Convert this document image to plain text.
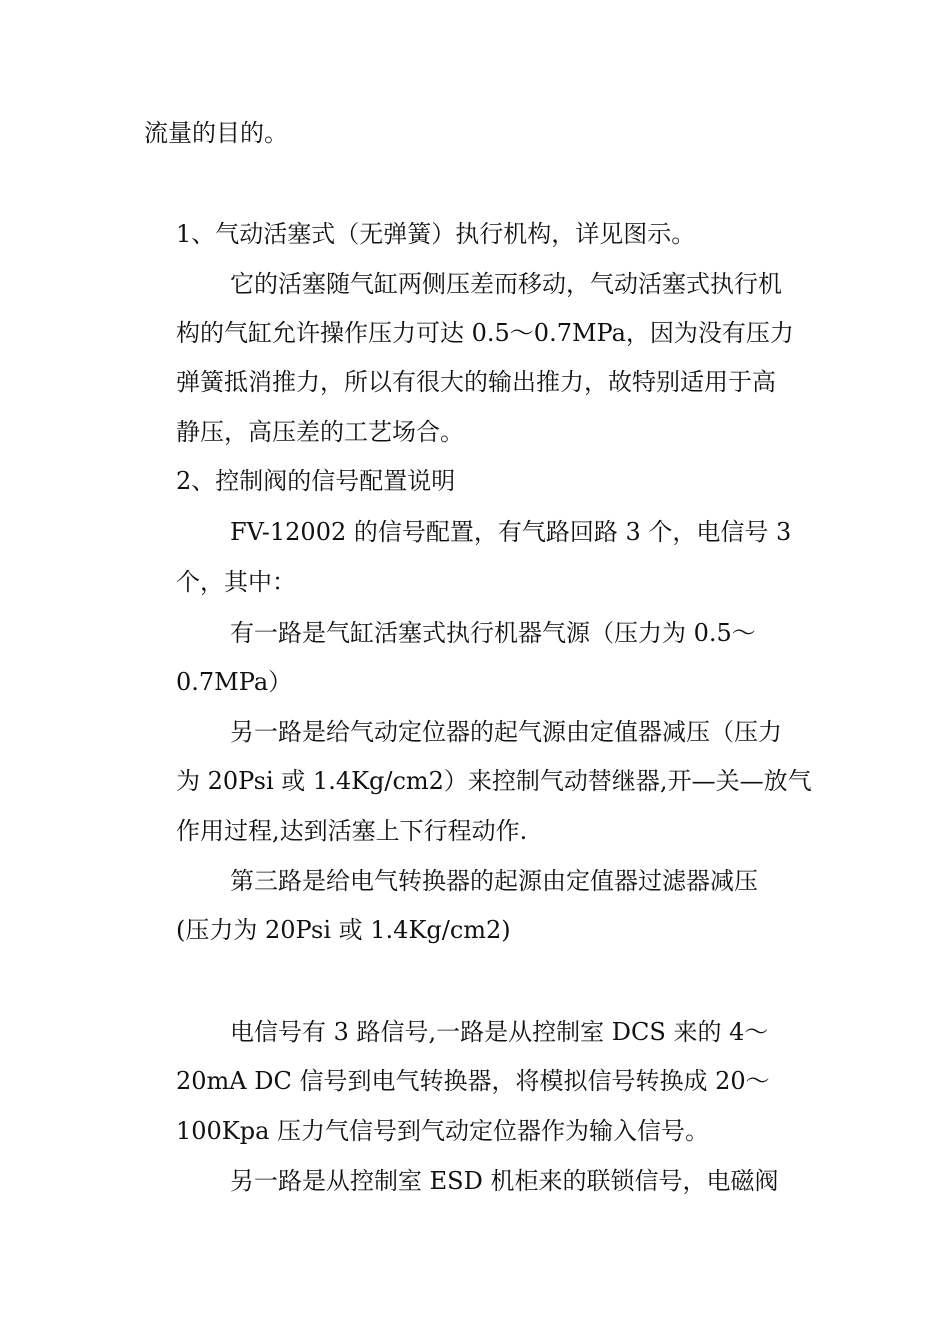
流量的目的。
1、气动活塞式（无弹簧）执行机构，详见图示。
它的活塞随气缸两侧压差而移动，气动活塞式执行机
构的气缸允许操作压力可达 0.5～0.7MPa，因为没有压力
弹簧抵消推力，所以有很大的输出推力，故特别适用于高
静压，高压差的工艺场合。
2、控制阀的信号配置说明
FV-12002 的信号配置，有气路回路 3 个，电信号 3
个，其中：
有一路是气缸活塞式执行机器气源（压力为 0.5～
0.7MPa）
另一路是给气动定位器的起气源由定值器减压（压力
为 20Psi 或 1.4Kg/cm2）来控制气动替继器,开—关—放气
作用过程,达到活塞上下行程动作.
第三路是给电气转换器的起源由定值器过滤器减压
(压力为 20Psi 或 1.4Kg/cm2)
电信号有 3 路信号,一路是从控制室 DCS 来的 4～
20mA DC 信号到电气转换器，将模拟信号转换成 20～
100Kpa 压力气信号到气动定位器作为输入信号。
另一路是从控制室 ESD 机柜来的联锁信号，电磁阀
